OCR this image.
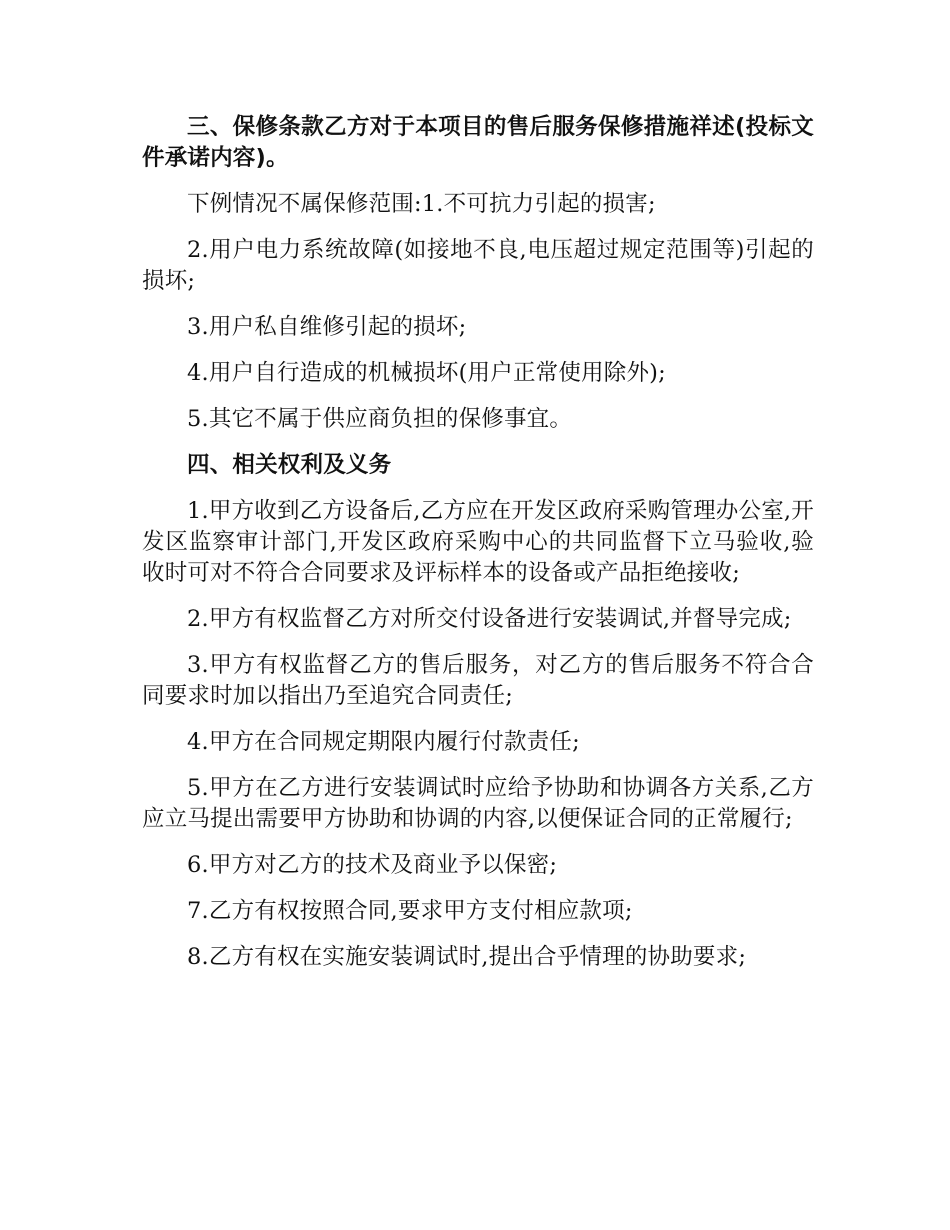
三、保修条款乙方对于本项目的售后服务保修措施祥述(投标文件承诺内容)。

下例情况不属保修范围:1.不可抗力引起的损害;

2.用户电力系统故障(如接地不良,电压超过规定范围等)引起的损坏;

3.用户私自维修引起的损坏;

4.用户自行造成的机械损坏(用户正常使用除外);

5.其它不属于供应商负担的保修事宜。

四、相关权利及义务

1.甲方收到乙方设备后,乙方应在开发区政府采购管理办公室,开发区监察审计部门,开发区政府采购中心的共同监督下立马验收,验收时可对不符合合同要求及评标样本的设备或产品拒绝接收;

2.甲方有权监督乙方对所交付设备进行安装调试,并督导完成;

3.甲方有权监督乙方的售后服务，对乙方的售后服务不符合合同要求时加以指出乃至追究合同责任;

4.甲方在合同规定期限内履行付款责任;

5.甲方在乙方进行安装调试时应给予协助和协调各方关系,乙方应立马提出需要甲方协助和协调的内容,以便保证合同的正常履行;

6.甲方对乙方的技术及商业予以保密;

7.乙方有权按照合同,要求甲方支付相应款项;

8.乙方有权在实施安装调试时,提出合乎情理的协助要求;
